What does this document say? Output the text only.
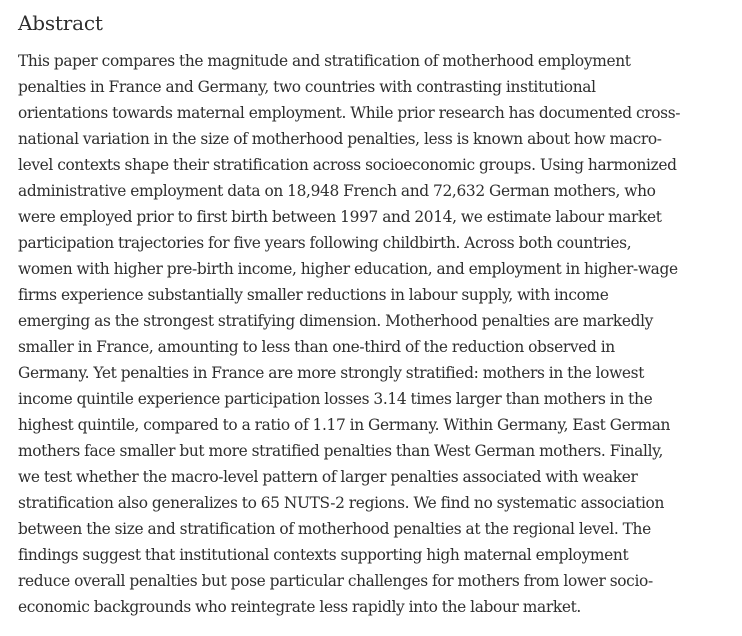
Abstract

This paper compares the magnitude and stratification of motherhood employment
penalties in France and Germany, two countries with contrasting institutional
orientations towards maternal employment. While prior research has documented cross-
national variation in the size of motherhood penalties, less is known about how macro-
level contexts shape their stratification across socioeconomic groups. Using harmonized
administrative employment data on 18,948 French and 72,632 German mothers, who
were employed prior to first birth between 1997 and 2014, we estimate labour market
participation trajectories for five years following childbirth. Across both countries,
women with higher pre-birth income, higher education, and employment in higher-wage
firms experience substantially smaller reductions in labour supply, with income
emerging as the strongest stratifying dimension. Motherhood penalties are markedly
smaller in France, amounting to less than one-third of the reduction observed in
Germany. Yet penalties in France are more strongly stratified: mothers in the lowest
income quintile experience participation losses 3.14 times larger than mothers in the
highest quintile, compared to a ratio of 1.17 in Germany. Within Germany, East German
mothers face smaller but more stratified penalties than West German mothers. Finally,
we test whether the macro-level pattern of larger penalties associated with weaker
stratification also generalizes to 65 NUTS-2 regions. We find no systematic association
between the size and stratification of motherhood penalties at the regional level. The
findings suggest that institutional contexts supporting high maternal employment
reduce overall penalties but pose particular challenges for mothers from lower socio-
economic backgrounds who reintegrate less rapidly into the labour market.
